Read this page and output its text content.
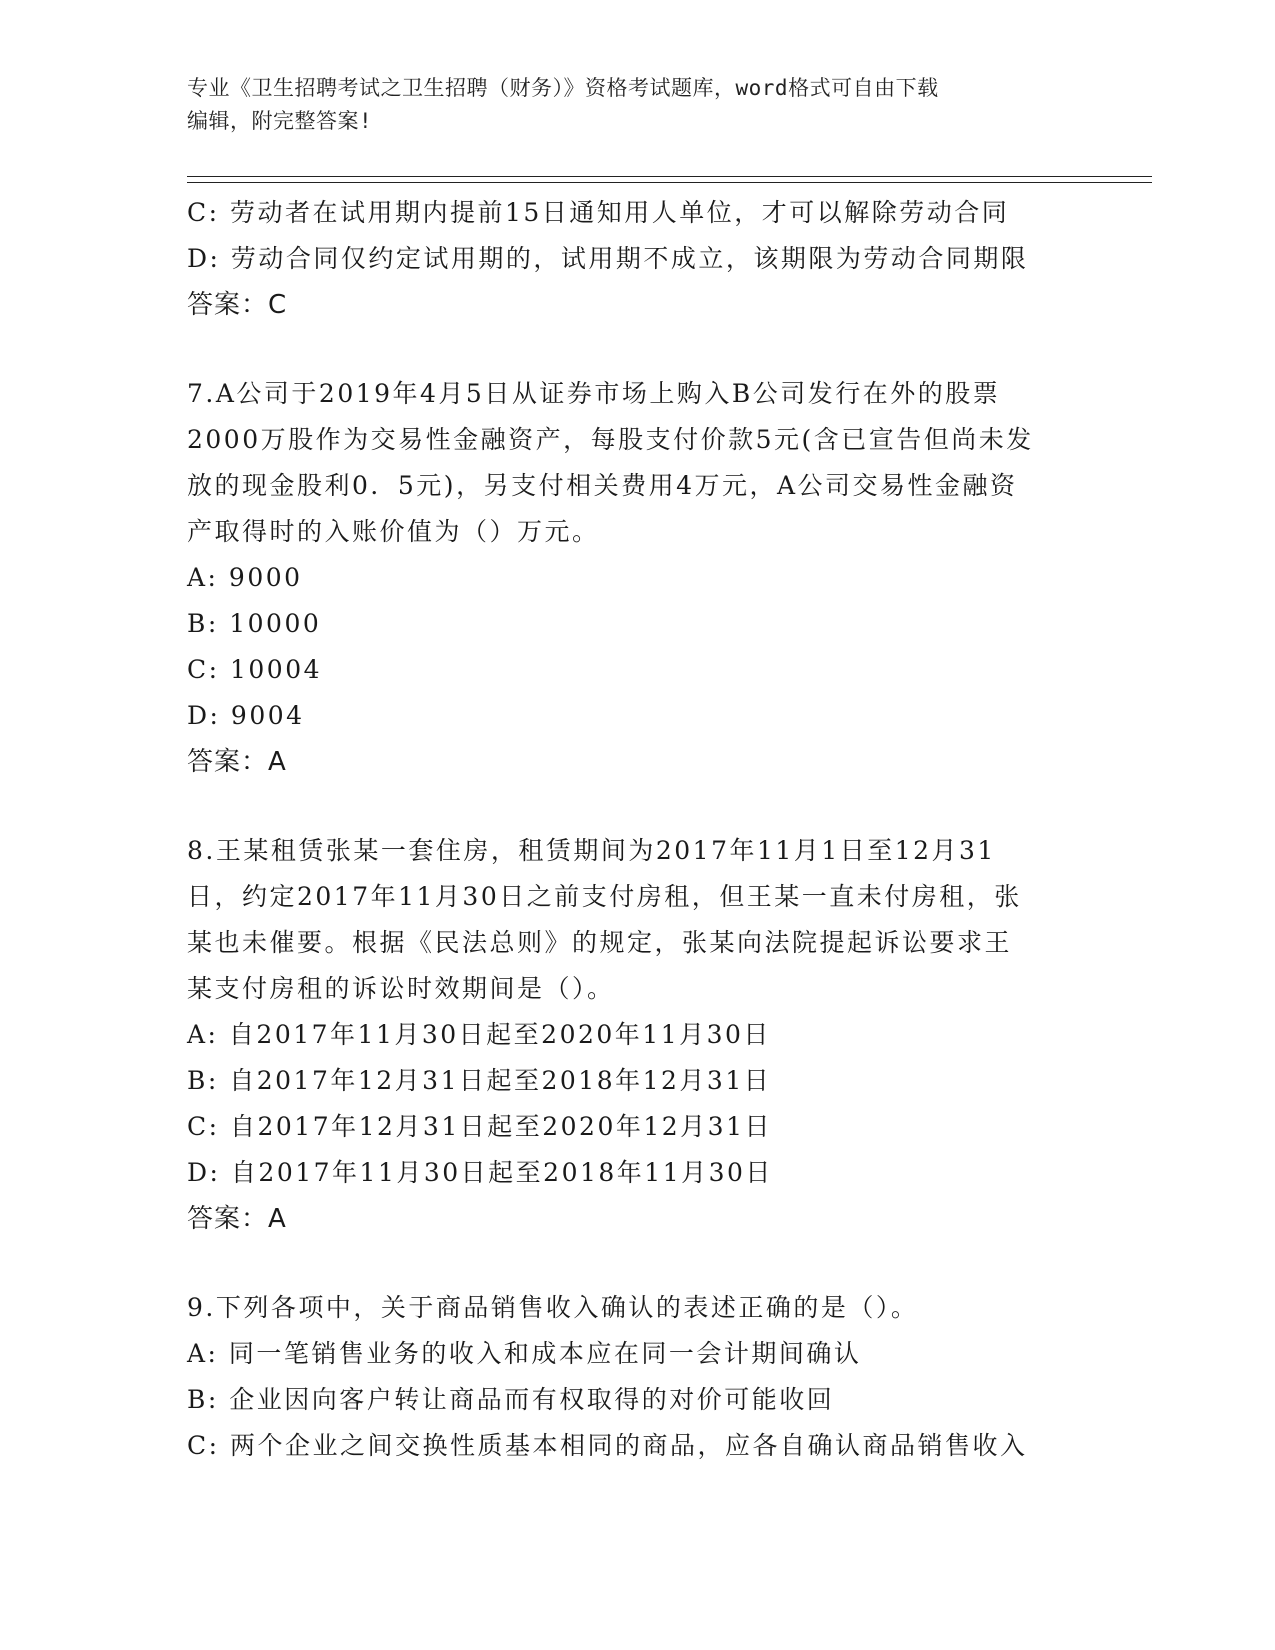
专业《卫生招聘考试之卫生招聘（财务）》资格考试题库，word格式可自由下载
编辑，附完整答案!
C: 劳动者在试用期内提前15日通知用人单位，才可以解除劳动合同
D: 劳动合同仅约定试用期的，试用期不成立，该期限为劳动合同期限
答案：C
7.A公司于2019年4月5日从证券市场上购入B公司发行在外的股票
2000万股作为交易性金融资产，每股支付价款5元(含已宣告但尚未发
放的现金股利0．5元)，另支付相关费用4万元，A公司交易性金融资
产取得时的入账价值为（）万元。
A: 9000
B: 10000
C: 10004
D: 9004
答案：A
8.王某租赁张某一套住房，租赁期间为2017年11月1日至12月31
日，约定2017年11月30日之前支付房租，但王某一直未付房租，张
某也未催要。根据《民法总则》的规定，张某向法院提起诉讼要求王
某支付房租的诉讼时效期间是（）。
A: 自2017年11月30日起至2020年11月30日
B: 自2017年12月31日起至2018年12月31日
C: 自2017年12月31日起至2020年12月31日
D: 自2017年11月30日起至2018年11月30日
答案：A
9.下列各项中，关于商品销售收入确认的表述正确的是（）。
A: 同一笔销售业务的收入和成本应在同一会计期间确认
B: 企业因向客户转让商品而有权取得的对价可能收回
C: 两个企业之间交换性质基本相同的商品，应各自确认商品销售收入
